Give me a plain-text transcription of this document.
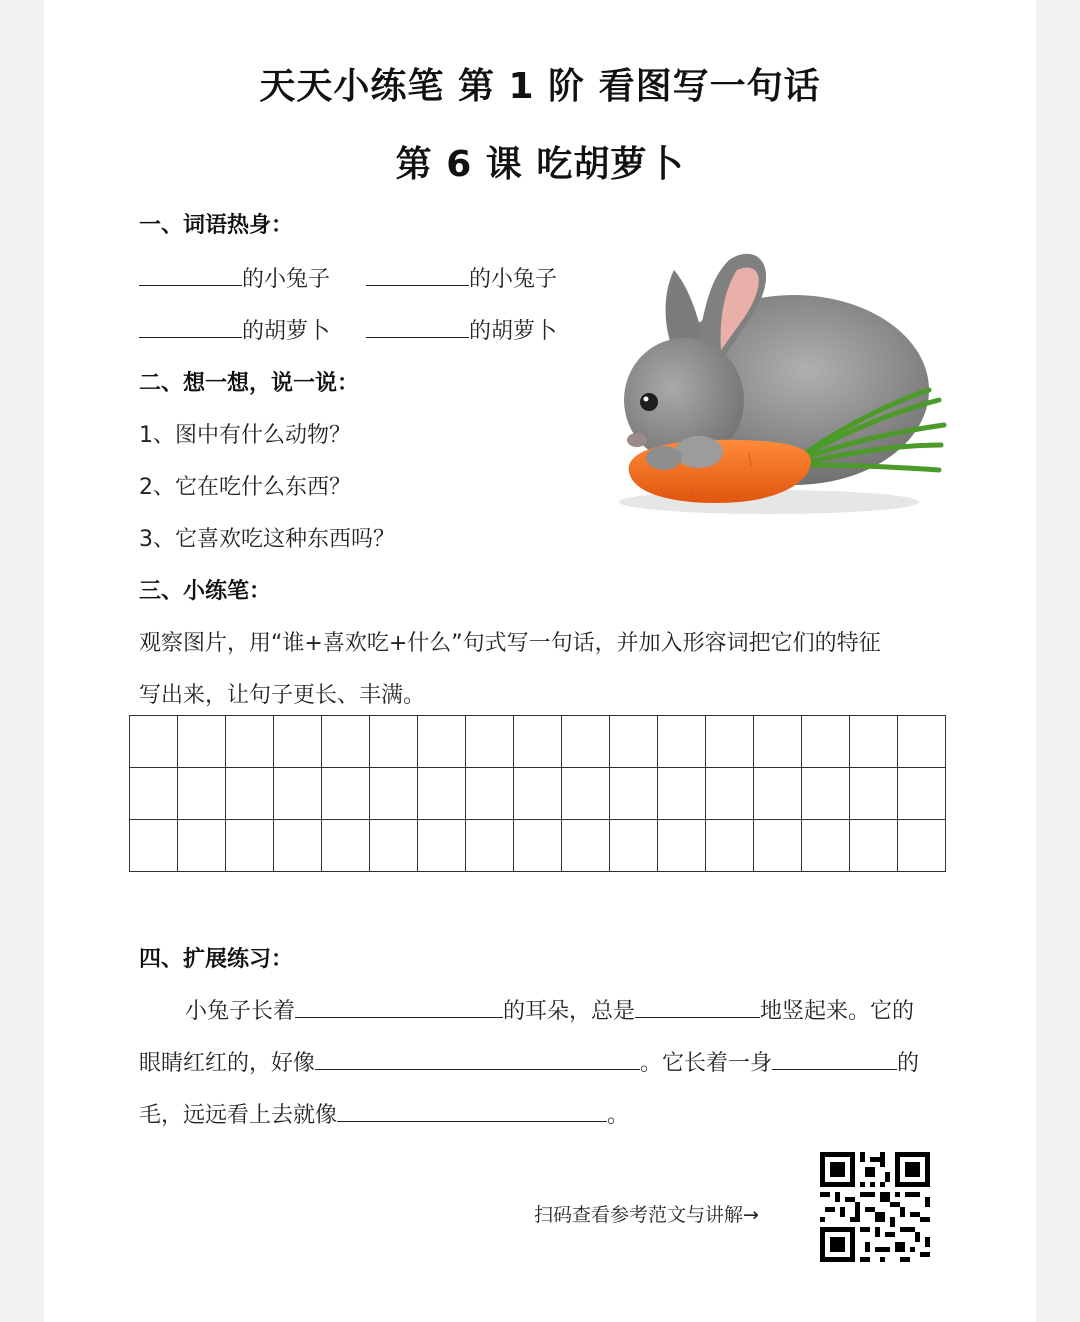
天天小练笔 第 1 阶 看图写一句话
第 6 课 吃胡萝卜
一、词语热身：
的小兔子	的小兔子
的胡萝卜	的胡萝卜
二、想一想，说一说：
1、图中有什么动物？
2、它在吃什么东西？
3、它喜欢吃这种东西吗？
三、小练笔：
观察图片，用“谁+喜欢吃+什么”句式写一句话，并加入形容词把它们的特征
写出来，让句子更长、丰满。

四、扩展练习：
小兔子长着	的耳朵，总是	地竖起来。它的
眼睛红红的，好像	。它长着一身	的
毛，远远看上去就像	。
扫码查看参考范文与讲解→
